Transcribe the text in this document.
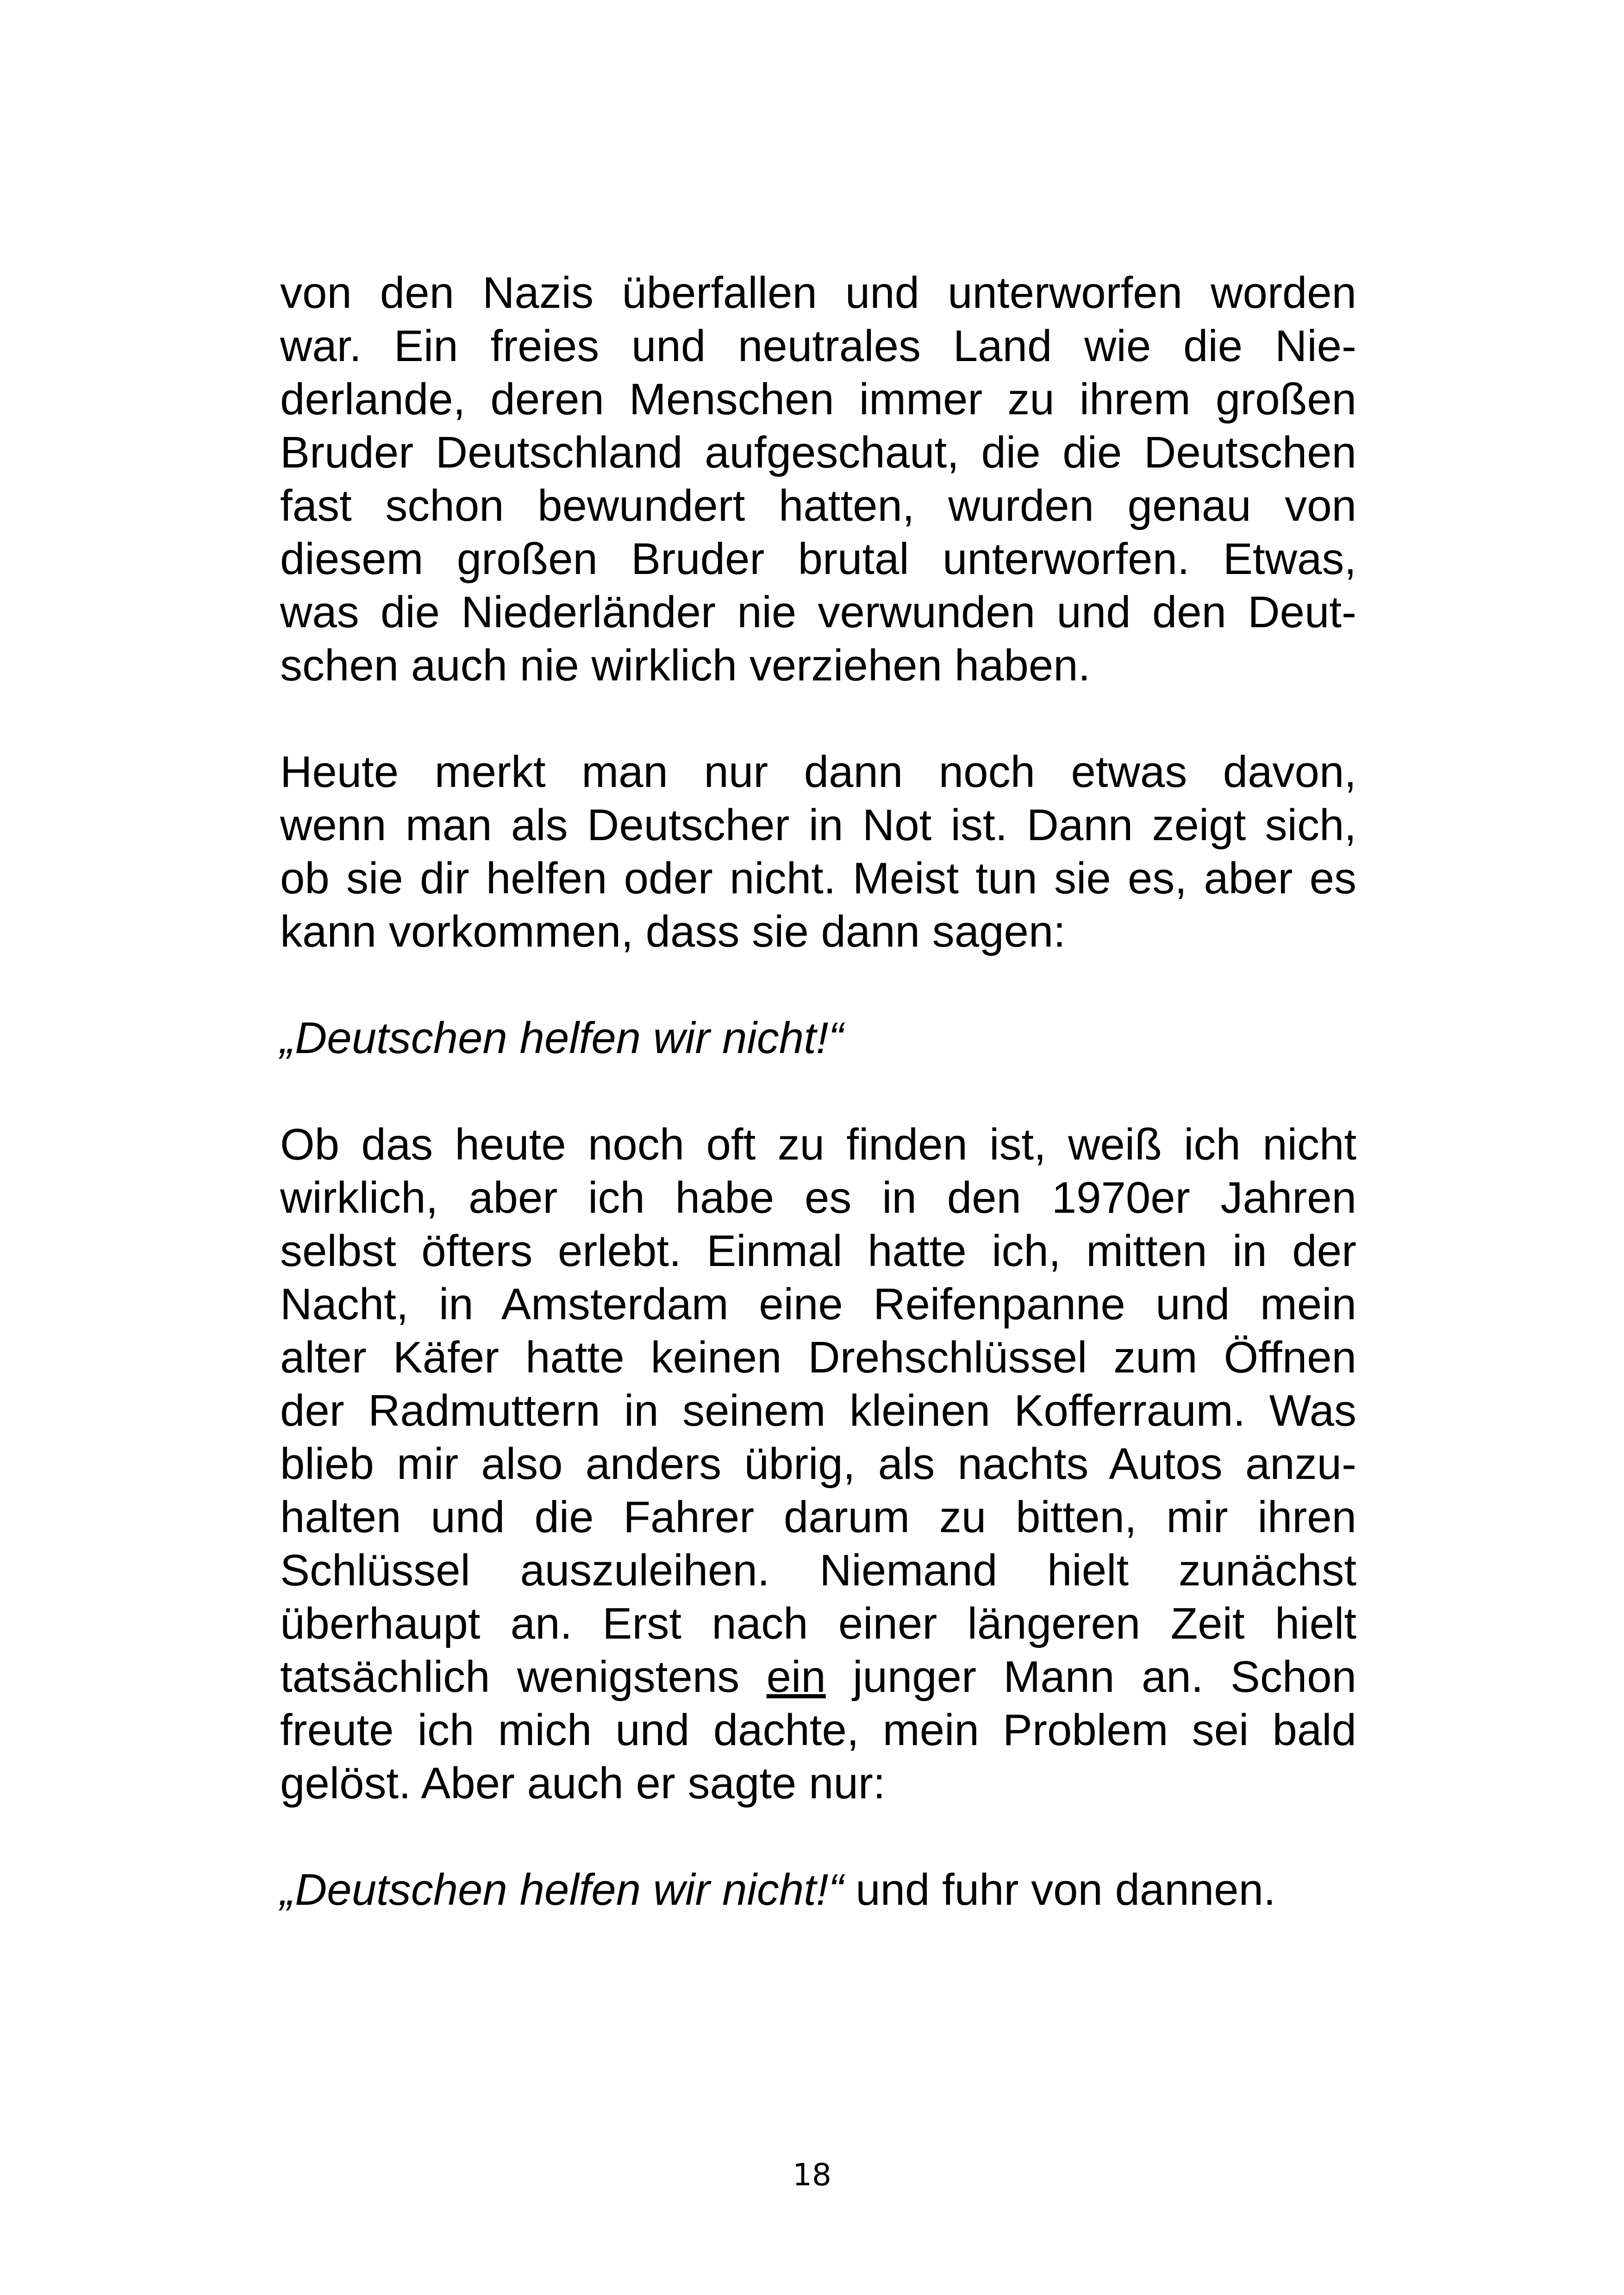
von den Nazis überfallen und unterworfen worden
war. Ein freies und neutrales Land wie die Nie-
derlande, deren Menschen immer zu ihrem großen
Bruder Deutschland aufgeschaut, die die Deutschen
fast schon bewundert hatten, wurden genau von
diesem großen Bruder brutal unterworfen. Etwas,
was die Niederländer nie verwunden und den Deut-
schen auch nie wirklich verziehen haben.

Heute merkt man nur dann noch etwas davon,
wenn man als Deutscher in Not ist. Dann zeigt sich,
ob sie dir helfen oder nicht. Meist tun sie es, aber es
kann vorkommen, dass sie dann sagen:

„Deutschen helfen wir nicht!“

Ob das heute noch oft zu finden ist, weiß ich nicht
wirklich, aber ich habe es in den 1970er Jahren
selbst öfters erlebt. Einmal hatte ich, mitten in der
Nacht, in Amsterdam eine Reifenpanne und mein
alter Käfer hatte keinen Drehschlüssel zum Öffnen
der Radmuttern in seinem kleinen Kofferraum. Was
blieb mir also anders übrig, als nachts Autos anzu-
halten und die Fahrer darum zu bitten, mir ihren
Schlüssel auszuleihen. Niemand hielt zunächst
überhaupt an. Erst nach einer längeren Zeit hielt
tatsächlich wenigstens ein junger Mann an. Schon
freute ich mich und dachte, mein Problem sei bald
gelöst. Aber auch er sagte nur:

„Deutschen helfen wir nicht!“ und fuhr von dannen.

18
